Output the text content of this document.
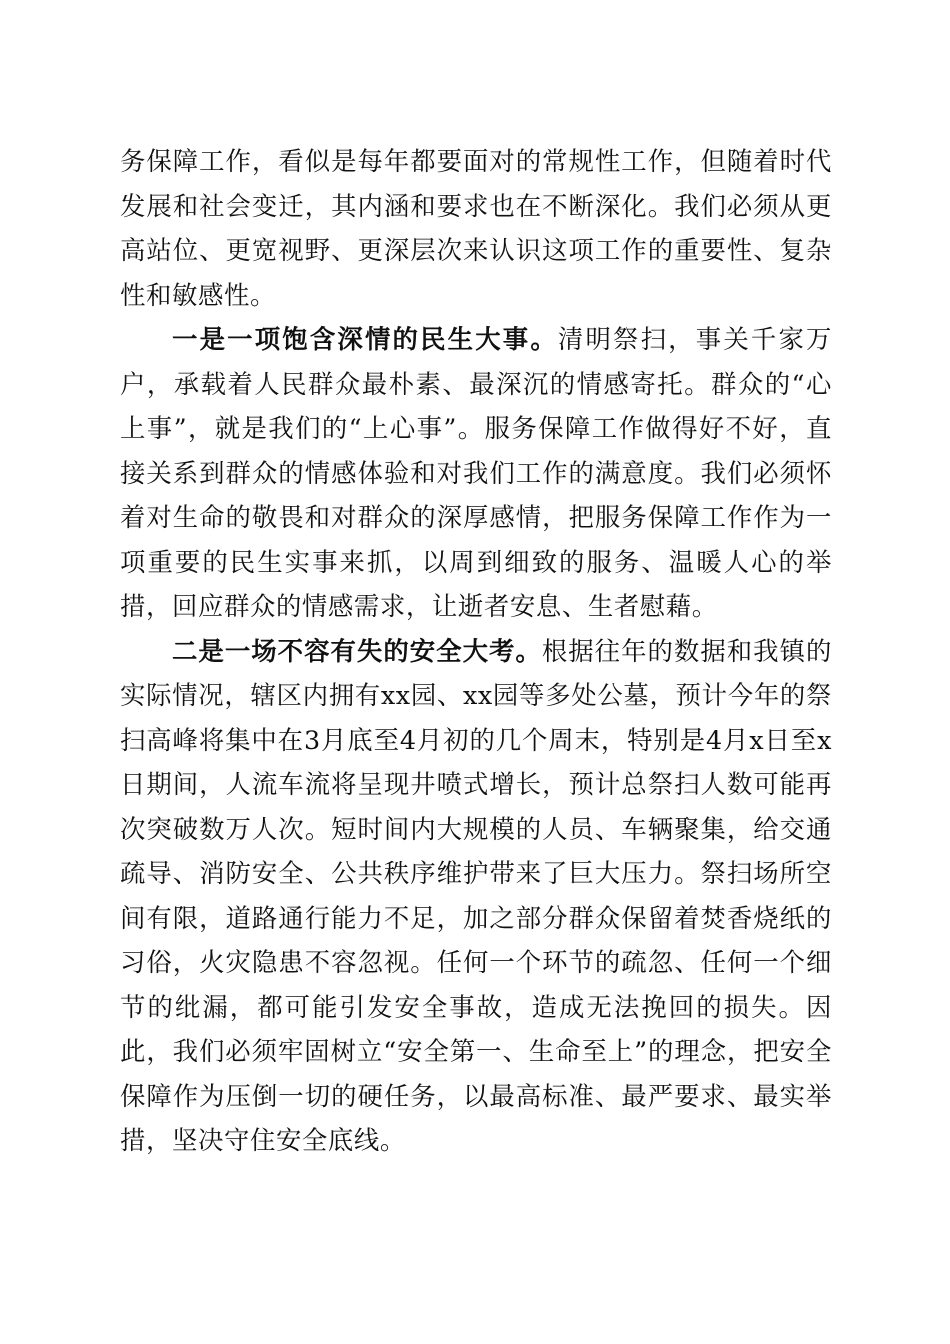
务保障工作，看似是每年都要面对的常规性工作，但随着时代发展和社会变迁，其内涵和要求也在不断深化。我们必须从更高站位、更宽视野、更深层次来认识这项工作的重要性、复杂性和敏感性。

一是一项饱含深情的民生大事。清明祭扫，事关千家万户，承载着人民群众最朴素、最深沉的情感寄托。群众的“心上事”，就是我们的“上心事”。服务保障工作做得好不好，直接关系到群众的情感体验和对我们工作的满意度。我们必须怀着对生命的敬畏和对群众的深厚感情，把服务保障工作作为一项重要的民生实事来抓，以周到细致的服务、温暖人心的举措，回应群众的情感需求，让逝者安息、生者慰藉。

二是一场不容有失的安全大考。根据往年的数据和我镇的实际情况，辖区内拥有xx园、xx园等多处公墓，预计今年的祭扫高峰将集中在3月底至4月初的几个周末，特别是4月x日至x日期间，人流车流将呈现井喷式增长，预计总祭扫人数可能再次突破数万人次。短时间内大规模的人员、车辆聚集，给交通疏导、消防安全、公共秩序维护带来了巨大压力。祭扫场所空间有限，道路通行能力不足，加之部分群众保留着焚香烧纸的习俗，火灾隐患不容忽视。任何一个环节的疏忽、任何一个细节的纰漏，都可能引发安全事故，造成无法挽回的损失。因此，我们必须牢固树立“安全第一、生命至上”的理念，把安全保障作为压倒一切的硬任务，以最高标准、最严要求、最实举措，坚决守住安全底线。
